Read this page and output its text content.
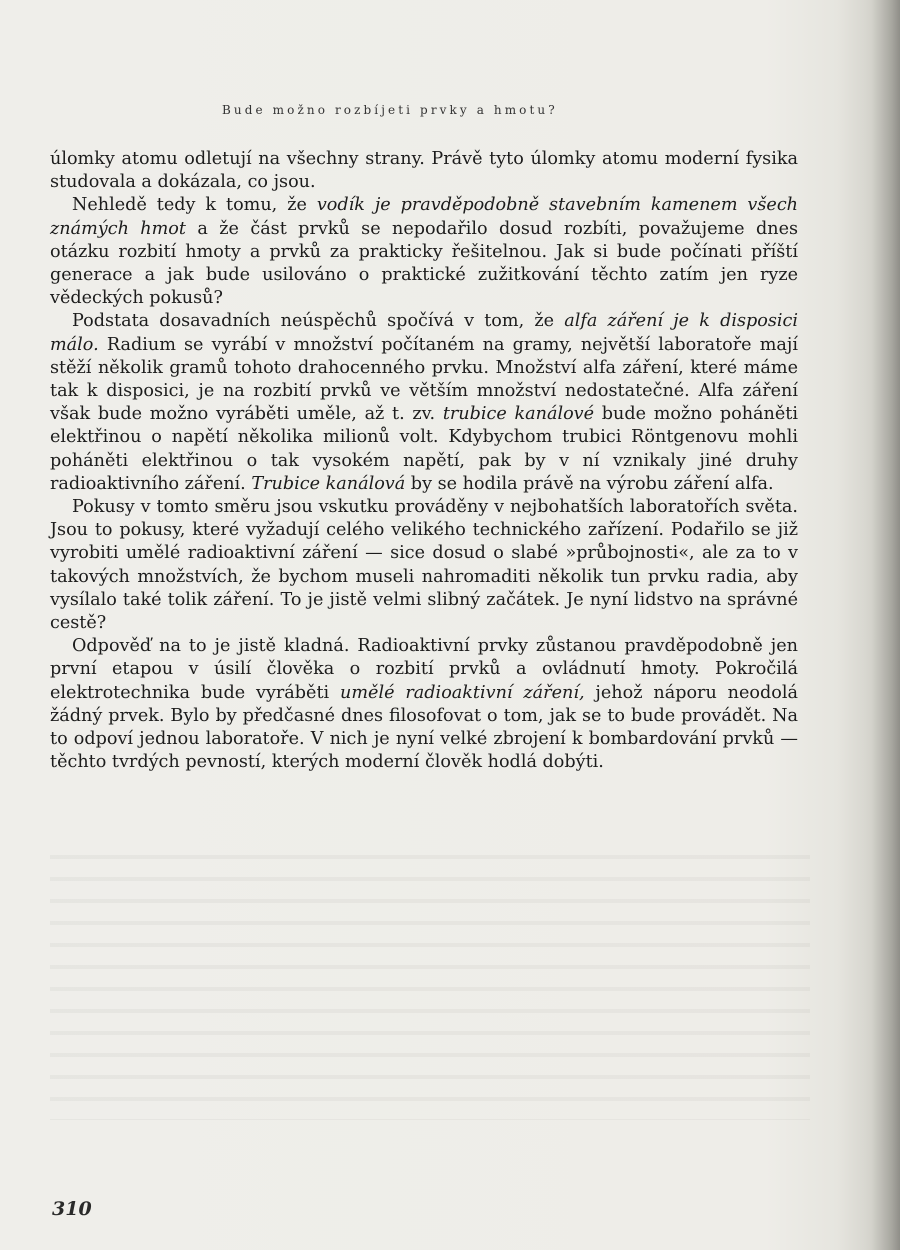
Bude možno rozbíjeti prvky a hmotu?

úlomky atomu odletují na všechny strany. Právě tyto úlomky atomu moderní fysika studovala a dokázala, co jsou.

Nehledě tedy k tomu, že vodík je pravděpodobně stavebním kamenem všech známých hmot a že část prvků se nepodařilo dosud rozbíti, považujeme dnes otázku rozbití hmoty a prvků za prakticky řešitelnou. Jak si bude počínati příští generace a jak bude usilováno o praktické zužitkování těchto zatím jen ryze vědeckých pokusů?

Podstata dosavadních neúspěchů spočívá v tom, že alfa záření je k disposici málo. Radium se vyrábí v množství počítaném na gramy, největší laboratoře mají stěží několik gramů tohoto drahocenného prvku. Množství alfa záření, které máme tak k disposici, je na rozbití prvků ve větším množství nedostatečné. Alfa záření však bude možno vyráběti uměle, až t. zv. trubice kanálové bude možno poháněti elektřinou o napětí několika milionů volt. Kdybychom trubici Röntgenovu mohli poháněti elektřinou o tak vysokém napětí, pak by v ní vznikaly jiné druhy radioaktivního záření. Trubice kanálová by se hodila právě na výrobu záření alfa.

Pokusy v tomto směru jsou vskutku prováděny v nejbohatších laboratořích světa. Jsou to pokusy, které vyžadují celého velikého technického zařízení. Podařilo se již vyrobiti umělé radioaktivní záření — sice dosud o slabé »průbojnosti«, ale za to v takových množstvích, že bychom museli nahromaditi několik tun prvku radia, aby vysílalo také tolik záření. To je jistě velmi slibný začátek. Je nyní lidstvo na správné cestě?

Odpověď na to je jistě kladná. Radioaktivní prvky zůstanou pravděpodobně jen první etapou v úsilí člověka o rozbití prvků a ovládnutí hmoty. Pokročilá elektrotechnika bude vyráběti umělé radioaktivní záření, jehož náporu neodolá žádný prvek. Bylo by předčasné dnes filosofovat o tom, jak se to bude provádět. Na to odpoví jednou laboratoře. V nich je nyní velké zbrojení k bombardování prvků — těchto tvrdých pevností, kterých moderní člověk hodlá dobýti.

310
